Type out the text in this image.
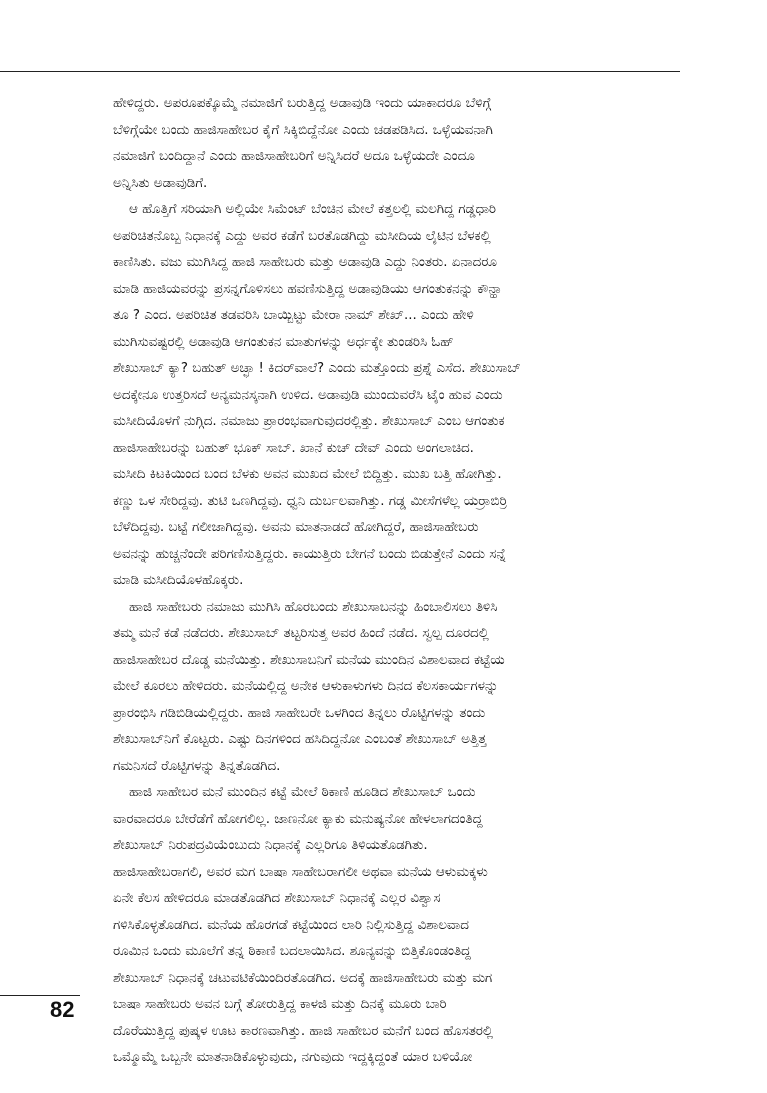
ಹೇಳಿದ್ದರು. ಅಪರೂಪಕ್ಕೊಮ್ಮೆ ನಮಾಜಿಗೆ ಬರುತ್ತಿದ್ದ ಅಡಾವುಡಿ ಇಂದು ಯಾಕಾದರೂ ಬೆಳಿಗ್ಗೆ
ಬೆಳಿಗ್ಗೆಯೇ ಬಂದು ಹಾಜಿಸಾಹೇಬರ ಕೈಗೆ ಸಿಕ್ಕಿಬಿದ್ದೆನೋ ಎಂದು ಚಡಪಡಿಸಿದ. ಒಳ್ಳೆಯವನಾಗಿ
ನಮಾಜಿಗೆ ಬಂದಿದ್ದಾನೆ ಎಂದು ಹಾಜಿಸಾಹೇಬರಿಗೆ ಅನ್ನಿಸಿದರೆ ಅದೂ ಒಳ್ಳೆಯದೇ ಎಂದೂ
ಅನ್ನಿಸಿತು ಅಡಾವುಡಿಗೆ.
ಆ ಹೊತ್ತಿಗೆ ಸರಿಯಾಗಿ ಅಲ್ಲಿಯೇ ಸಿಮೆಂಟ್ ಬೆಂಚಿನ ಮೇಲೆ ಕತ್ತಲಲ್ಲಿ ಮಲಗಿದ್ದ ಗಡ್ಡಧಾರಿ
ಅಪರಿಚಿತನೊಬ್ಬ ನಿಧಾನಕ್ಕೆ ಎದ್ದು ಅವರ ಕಡೆಗೆ ಬರತೊಡಗಿದ್ದು ಮಸೀದಿಯ ಲೈಟಿನ ಬೆಳಕಲ್ಲಿ
ಕಾಣಿಸಿತು. ವಜು ಮುಗಿಸಿದ್ದ ಹಾಜಿ ಸಾಹೇಬರು ಮತ್ತು ಅಡಾವುಡಿ ಎದ್ದು ನಿಂತರು. ಏನಾದರೂ
ಮಾಡಿ ಹಾಜಿಯವರನ್ನು ಪ್ರಸನ್ನಗೊಳಿಸಲು ಹವಣಿಸುತ್ತಿದ್ದ ಅಡಾವುಡಿಯು ಆಗಂತುಕನನ್ನು ಕೌನ್ಹಾ
ತೂ ? ಎಂದ. ಅಪರಿಚಿತ ತಡವರಿಸಿ ಬಾಯ್ಬಿಟ್ಟು ಮೇರಾ ನಾಮ್ ಶೇಖ್... ಎಂದು ಹೇಳಿ
ಮುಗಿಸುವಷ್ಟರಲ್ಲಿ ಅಡಾವುಡಿ ಆಗಂತುಕನ ಮಾತುಗಳನ್ನು ಅರ್ಧಕ್ಕೇ ತುಂಡರಿಸಿ ಓಹ್
ಶೇಖುಸಾಬ್ ಕ್ಯಾ? ಬಹುತ್ ಅಚ್ಛಾ ! ಕಿದರ್‌ವಾಲೆ? ಎಂದು ಮತ್ತೊಂದು ಪ್ರಶ್ನೆ ಎಸೆದ. ಶೇಖುಸಾಬ್
ಅದಕ್ಕೇನೂ ಉತ್ತರಿಸದೆ ಅನ್ಯಮನಸ್ಕನಾಗಿ ಉಳಿದ. ಅಡಾವುಡಿ ಮುಂದುವರೆಸಿ ಟೈಂ ಹುವ ಎಂದು
ಮಸೀದಿಯೊಳಗೆ ನುಗ್ಗಿದ. ನಮಾಜು ಪ್ರಾರಂಭವಾಗುವುದರಲ್ಲಿತ್ತು. ಶೇಖುಸಾಬ್ ಎಂಬ ಆಗಂತುಕ
ಹಾಜಿಸಾಹೇಬರನ್ನು ಬಹುತ್ ಭೂಕ್ ಸಾಬ್. ಖಾನೆ ಕುಚ್ ದೇವ್ ಎಂದು ಅಂಗಲಾಚಿದ.
ಮಸೀದಿ ಕಿಟಕಿಯಿಂದ ಬಂದ ಬೆಳಕು ಅವನ ಮುಖದ ಮೇಲೆ ಬಿದ್ದಿತ್ತು. ಮುಖ ಬತ್ತಿ ಹೋಗಿತ್ತು.
ಕಣ್ಣು ಒಳ ಸೇರಿದ್ದವು. ತುಟಿ ಒಣಗಿದ್ದವು. ಧ್ವನಿ ದುರ್ಬಲವಾಗಿತ್ತು. ಗಡ್ಡ ಮೀಸೆಗಳೆಲ್ಲ ಯರ್ರಾಬಿರ್ರಿ
ಬೆಳೆದಿದ್ದವು. ಬಟ್ಟೆ ಗಲೀಜಾಗಿದ್ದವು. ಅವನು ಮಾತನಾಡದೆ ಹೋಗಿದ್ದರೆ, ಹಾಜಿಸಾಹೇಬರು
ಅವನನ್ನು ಹುಚ್ಚನೆಂದೇ ಪರಿಗಣಿಸುತ್ತಿದ್ದರು. ಕಾಯುತ್ತಿರು ಬೇಗನೆ ಬಂದು ಬಿಡುತ್ತೇನೆ ಎಂದು ಸನ್ನೆ
ಮಾಡಿ ಮಸೀದಿಯೊಳಹೊಕ್ಕರು.
ಹಾಜಿ ಸಾಹೇಬರು ನಮಾಜು ಮುಗಿಸಿ ಹೊರಬಂದು ಶೇಖುಸಾಬನನ್ನು ಹಿಂಬಾಲಿಸಲು ತಿಳಿಸಿ
ತಮ್ಮ ಮನೆ ಕಡೆ ನಡೆದರು. ಶೇಖುಸಾಬ್ ತಟ್ಟರಿಸುತ್ತ ಅವರ ಹಿಂದೆ ನಡೆದ. ಸ್ವಲ್ಪ ದೂರದಲ್ಲಿ
ಹಾಜಿಸಾಹೇಬರ ದೊಡ್ಡ ಮನೆಯಿತ್ತು. ಶೇಖುಸಾಬನಿಗೆ ಮನೆಯ ಮುಂದಿನ ವಿಶಾಲವಾದ ಕಟ್ಟೆಯ
ಮೇಲೆ ಕೂರಲು ಹೇಳಿದರು. ಮನೆಯಲ್ಲಿದ್ದ ಅನೇಕ ಆಳುಕಾಳುಗಳು ದಿನದ ಕೆಲಸಕಾರ್ಯಗಳನ್ನು
ಪ್ರಾರಂಭಿಸಿ ಗಡಿಬಿಡಿಯಲ್ಲಿದ್ದರು. ಹಾಜಿ ಸಾಹೇಬರೇ ಒಳಗಿಂದ ತಿನ್ನಲು ರೊಟ್ಟಿಗಳನ್ನು ತಂದು
ಶೇಖುಸಾಬ್‌ನಿಗೆ ಕೊಟ್ಟರು. ಎಷ್ಟು ದಿನಗಳಿಂದ ಹಸಿದಿದ್ದನೋ ಎಂಬಂತೆ ಶೇಖುಸಾಬ್ ಅತ್ತಿತ್ತ
ಗಮನಿಸದೆ ರೊಟ್ಟಿಗಳನ್ನು ತಿನ್ನತೊಡಗಿದ.
ಹಾಜಿ ಸಾಹೇಬರ ಮನೆ ಮುಂದಿನ ಕಟ್ಟೆ ಮೇಲೆ ಠಿಕಾಣಿ ಹೂಡಿದ ಶೇಖುಸಾಬ್ ಒಂದು
ವಾರವಾದರೂ ಬೇರೆಡೆಗೆ ಹೋಗಲಿಲ್ಲ. ಜಾಣನೋ ಕ್ಯಾಕು ಮನುಷ್ಯನೋ ಹೇಳಲಾಗದಂತಿದ್ದ
ಶೇಖುಸಾಬ್ ನಿರುಪದ್ರವಿಯೆಂಬುದು ನಿಧಾನಕ್ಕೆ ಎಲ್ಲರಿಗೂ ತಿಳಿಯತೊಡಗಿತು.
ಹಾಜಿಸಾಹೇಬರಾಗಲಿ, ಅವರ ಮಗ ಬಾಷಾ ಸಾಹೇಬರಾಗಲೀ ಅಥವಾ ಮನೆಯ ಆಳುಮಕ್ಕಳು
ಏನೇ ಕೆಲಸ ಹೇಳಿದರೂ ಮಾಡತೊಡಗಿದ ಶೇಖುಸಾಬ್ ನಿಧಾನಕ್ಕೆ ಎಲ್ಲರ ವಿಶ್ವಾಸ
ಗಳಿಸಿಕೊಳ್ಳತೊಡಗಿದ. ಮನೆಯ ಹೊರಗಡೆ ಕಟ್ಟೆಯಿಂದ ಲಾರಿ ನಿಲ್ಲಿಸುತ್ತಿದ್ದ ವಿಶಾಲವಾದ
ರೂಮಿನ ಒಂದು ಮೂಲೆಗೆ ತನ್ನ ಠಿಕಾಣಿ ಬದಲಾಯಿಸಿದ. ಶೂನ್ಯವನ್ನು ಬಿತ್ತಿಕೊಂಡಂತಿದ್ದ
ಶೇಖುಸಾಬ್ ನಿಧಾನಕ್ಕೆ ಚಟುವಟಿಕೆಯಿಂದಿರತೊಡಗಿದ. ಅದಕ್ಕೆ ಹಾಜಿಸಾಹೇಬರು ಮತ್ತು ಮಗ
ಬಾಷಾ ಸಾಹೇಬರು ಅವನ ಬಗ್ಗೆ ತೋರುತ್ತಿದ್ದ ಕಾಳಜಿ ಮತ್ತು ದಿನಕ್ಕೆ ಮೂರು ಬಾರಿ
ದೊರೆಯುತ್ತಿದ್ದ ಪುಷ್ಕಳ ಊಟ ಕಾರಣವಾಗಿತ್ತು. ಹಾಜಿ ಸಾಹೇಬರ ಮನೆಗೆ ಬಂದ ಹೊಸತರಲ್ಲಿ
ಒಮ್ಮೊಮ್ಮೆ ಒಬ್ಬನೇ ಮಾತನಾಡಿಕೊಳ್ಳುವುದು, ನಗುವುದು ಇದ್ದಕ್ಕಿದ್ದಂತೆ ಯಾರ ಬಳಿಯೋ
82
